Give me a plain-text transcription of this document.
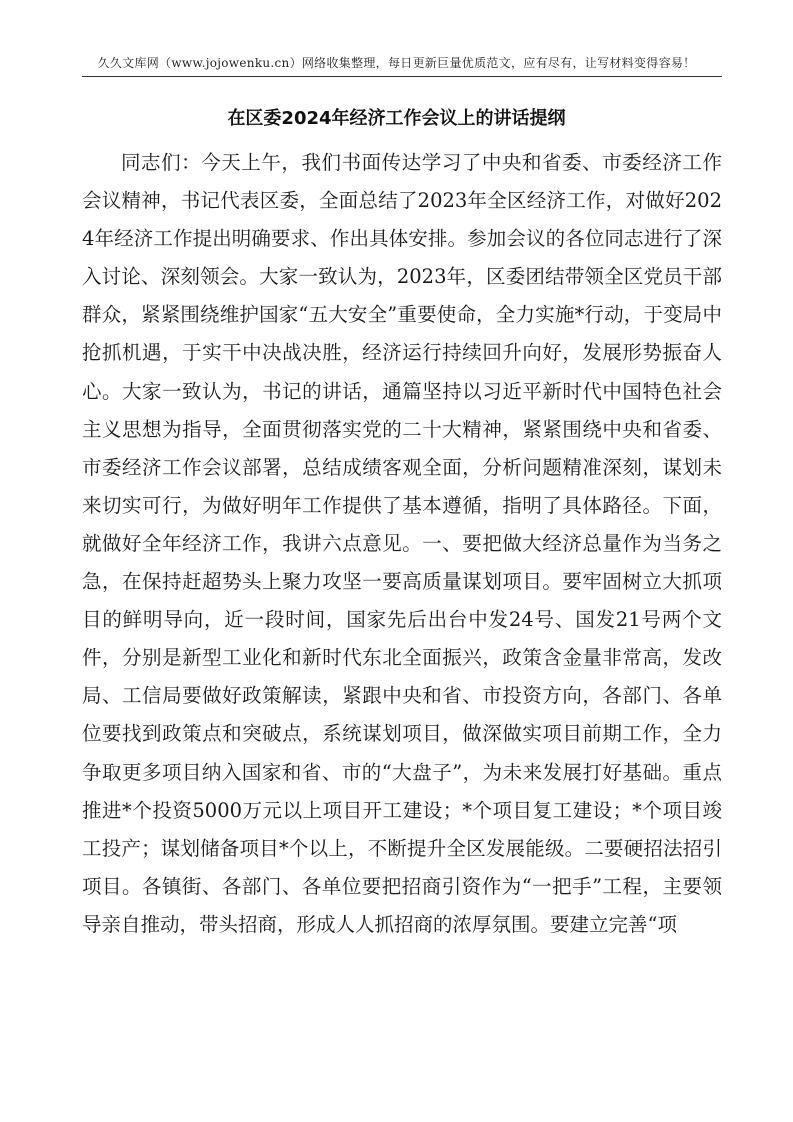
久久文库网（www.jojowenku.cn）网络收集整理，每日更新巨量优质范文，应有尽有，让写材料变得容易！
在区委2024年经济工作会议上的讲话提纲

同志们：今天上午，我们书面传达学习了中央和省委、市委经济工作会议精神，书记代表区委，全面总结了2023年全区经济工作，对做好2024年经济工作提出明确要求、作出具体安排。参加会议的各位同志进行了深入讨论、深刻领会。大家一致认为，2023年，区委团结带领全区党员干部群众，紧紧围绕维护国家“五大安全”重要使命，全力实施*行动，于变局中抢抓机遇，于实干中决战决胜，经济运行持续回升向好，发展形势振奋人心。大家一致认为，书记的讲话，通篇坚持以习近平新时代中国特色社会主义思想为指导，全面贯彻落实党的二十大精神，紧紧围绕中央和省委、市委经济工作会议部署，总结成绩客观全面，分析问题精准深刻，谋划未来切实可行，为做好明年工作提供了基本遵循，指明了具体路径。下面，就做好全年经济工作，我讲六点意见。一、要把做大经济总量作为当务之急，在保持赶超势头上聚力攻坚一要高质量谋划项目。要牢固树立大抓项目的鲜明导向，近一段时间，国家先后出台中发24号、国发21号两个文件，分别是新型工业化和新时代东北全面振兴，政策含金量非常高，发改局、工信局要做好政策解读，紧跟中央和省、市投资方向，各部门、各单位要找到政策点和突破点，系统谋划项目，做深做实项目前期工作，全力争取更多项目纳入国家和省、市的“大盘子”，为未来发展打好基础。重点推进*个投资5000万元以上项目开工建设；*个项目复工建设；*个项目竣工投产；谋划储备项目*个以上，不断提升全区发展能级。二要硬招法招引项目。各镇街、各部门、各单位要把招商引资作为“一把手”工程，主要领导亲自推动，带头招商，形成人人抓招商的浓厚氛围。要建立完善“项
